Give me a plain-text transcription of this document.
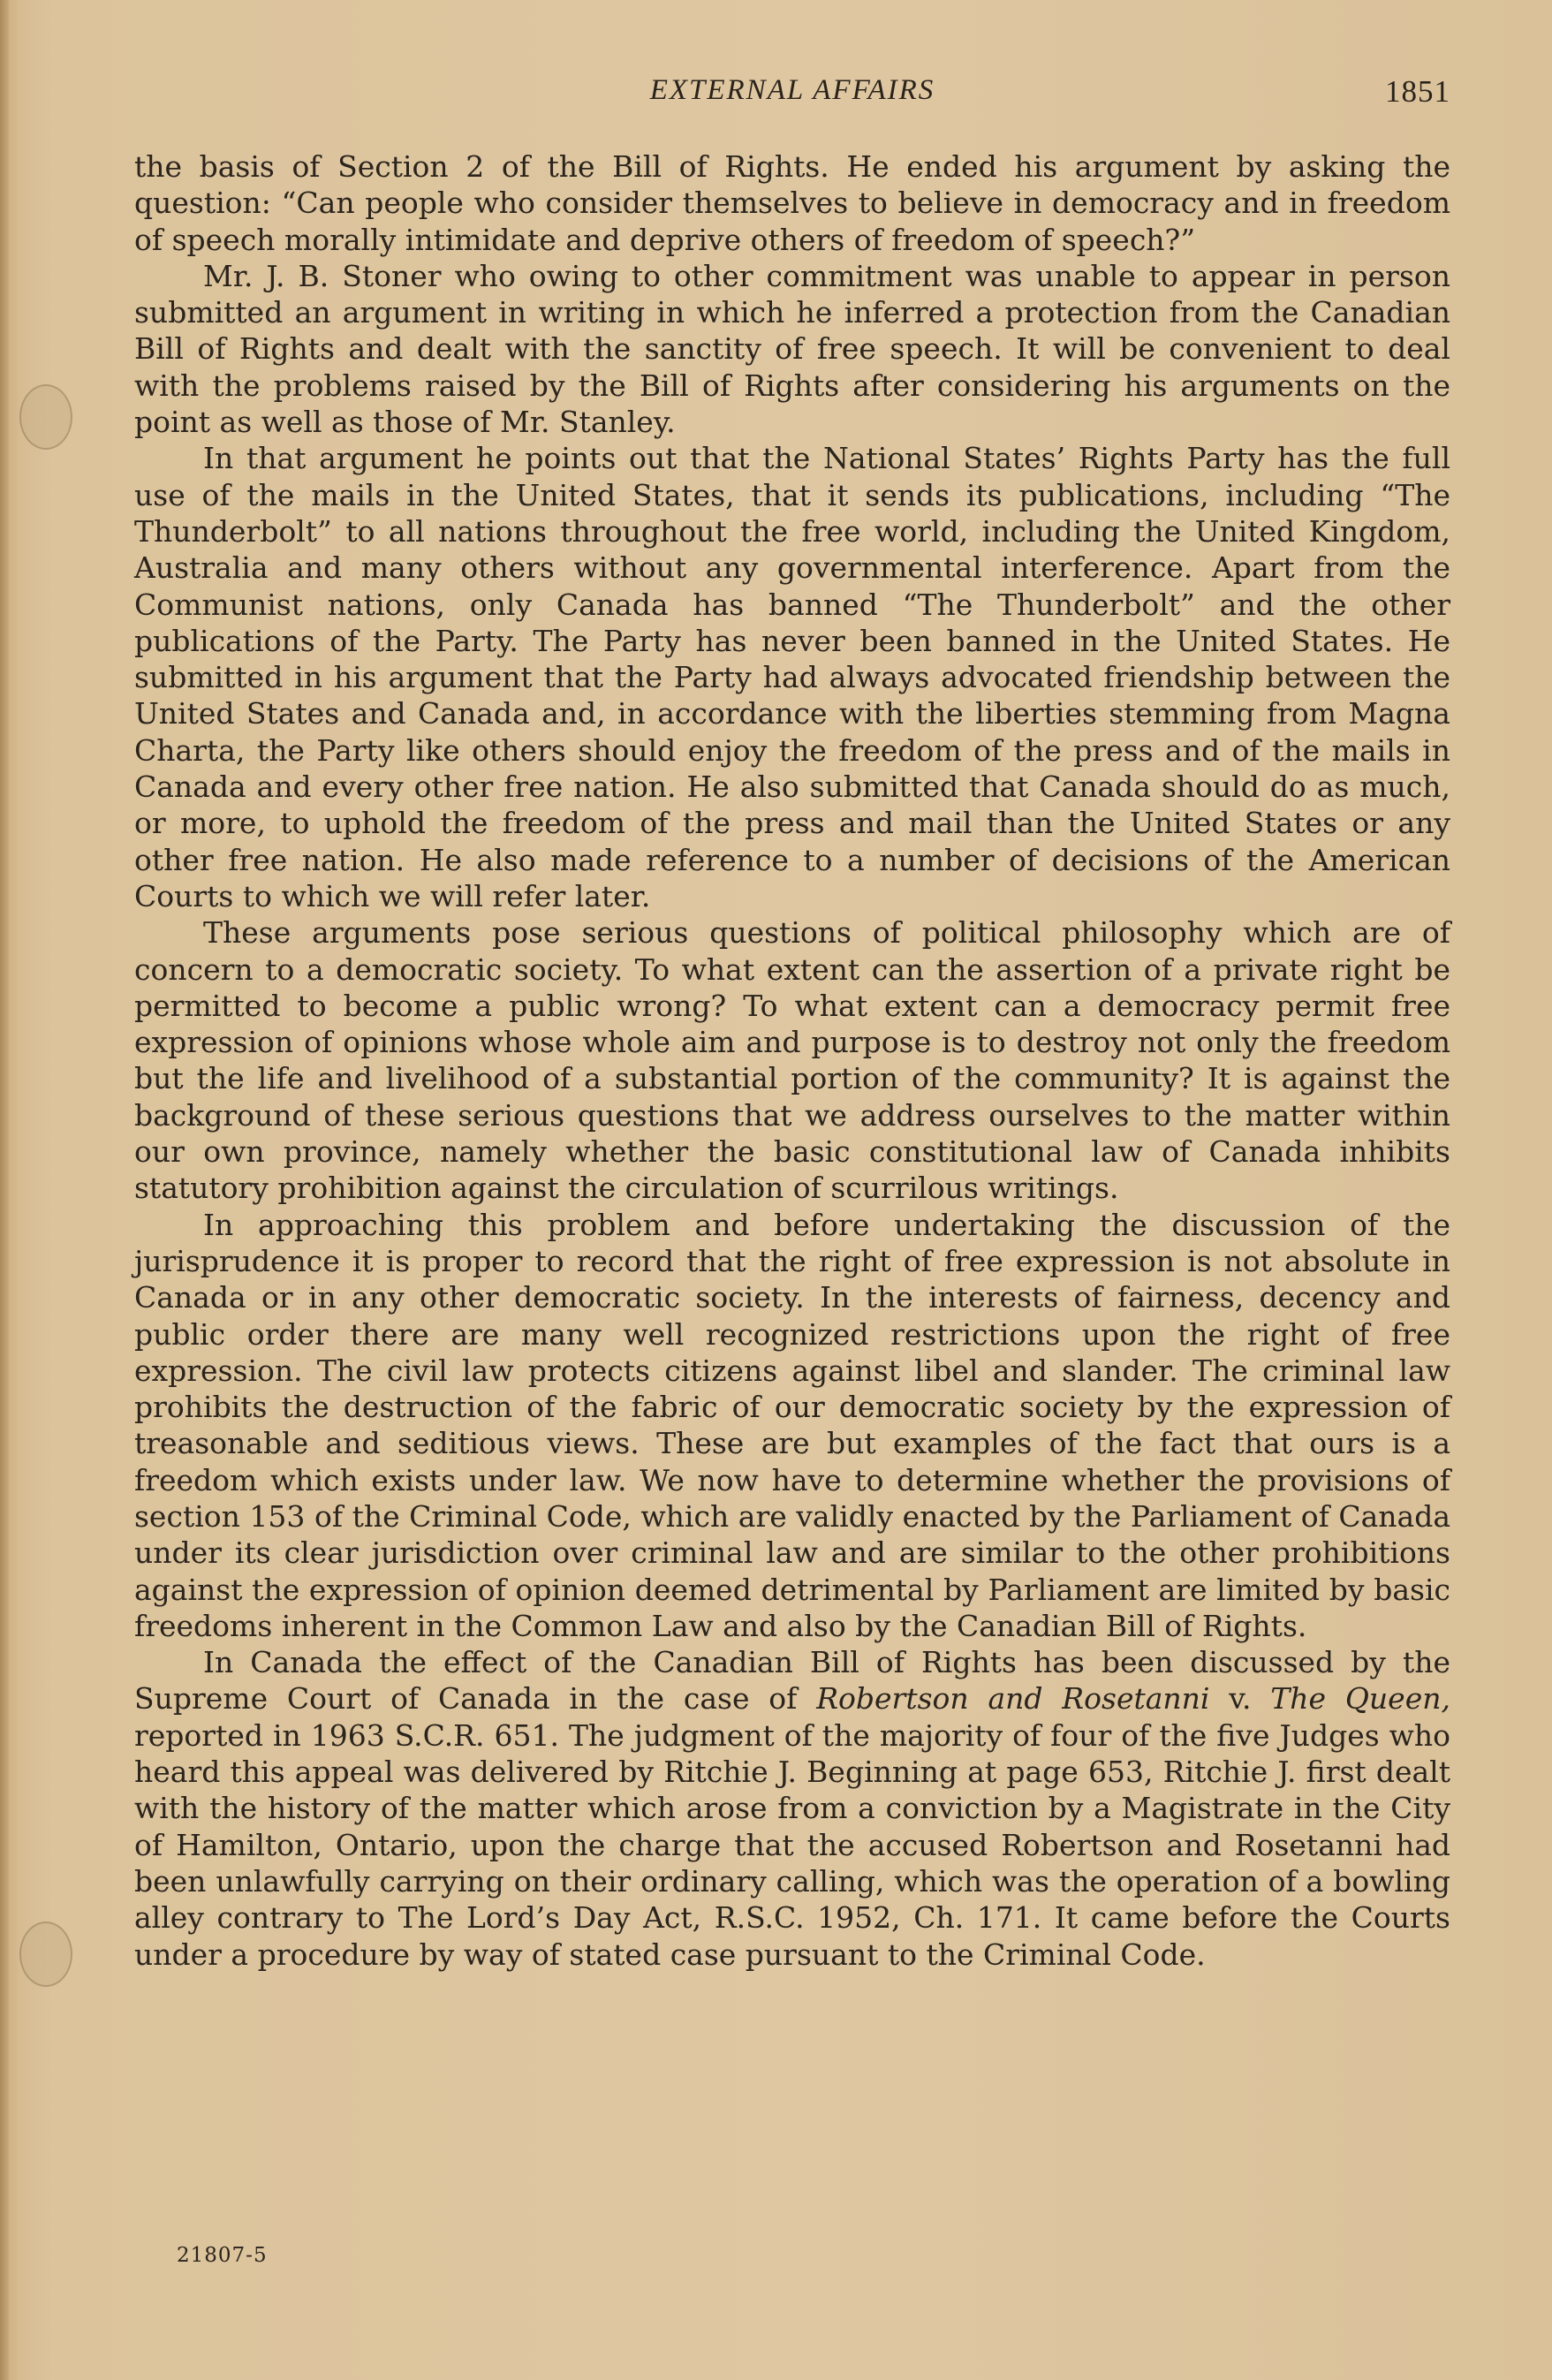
EXTERNAL AFFAIRS	1851

the basis of Section 2 of the Bill of Rights. He ended his argument by asking the question: “Can people who consider themselves to believe in democracy and in freedom of speech morally intimidate and deprive others of freedom of speech?”

Mr. J. B. Stoner who owing to other commitment was unable to appear in person submitted an argument in writing in which he inferred a protection from the Canadian Bill of Rights and dealt with the sanctity of free speech. It will be convenient to deal with the problems raised by the Bill of Rights after considering his arguments on the point as well as those of Mr. Stanley.

In that argument he points out that the National States’ Rights Party has the full use of the mails in the United States, that it sends its publications, including “The Thunderbolt” to all nations throughout the free world, including the United Kingdom, Australia and many others without any governmental interference. Apart from the Communist nations, only Canada has banned “The Thunderbolt” and the other publications of the Party. The Party has never been banned in the United States. He submitted in his argument that the Party had always advocated friendship between the United States and Canada and, in accordance with the liberties stemming from Magna Charta, the Party like others should enjoy the freedom of the press and of the mails in Canada and every other free nation. He also submitted that Canada should do as much, or more, to uphold the freedom of the press and mail than the United States or any other free nation. He also made reference to a number of decisions of the American Courts to which we will refer later.

These arguments pose serious questions of political philosophy which are of concern to a democratic society. To what extent can the assertion of a private right be permitted to become a public wrong? To what extent can a democracy permit free expression of opinions whose whole aim and purpose is to destroy not only the freedom but the life and livelihood of a substantial portion of the community? It is against the background of these serious questions that we address ourselves to the matter within our own province, namely whether the basic constitutional law of Canada inhibits statutory prohibition against the circulation of scurrilous writings.

In approaching this problem and before undertaking the discussion of the jurisprudence it is proper to record that the right of free expression is not absolute in Canada or in any other democratic society. In the interests of fairness, decency and public order there are many well recognized restrictions upon the right of free expression. The civil law protects citizens against libel and slander. The criminal law prohibits the destruction of the fabric of our democratic society by the expression of treasonable and seditious views. These are but examples of the fact that ours is a freedom which exists under law. We now have to determine whether the provisions of section 153 of the Criminal Code, which are validly enacted by the Parliament of Canada under its clear jurisdiction over criminal law and are similar to the other prohibitions against the expression of opinion deemed detrimental by Parliament are limited by basic freedoms inherent in the Common Law and also by the Canadian Bill of Rights.

In Canada the effect of the Canadian Bill of Rights has been discussed by the Supreme Court of Canada in the case of Robertson and Rosetanni v. The Queen, reported in 1963 S.C.R. 651. The judgment of the majority of four of the five Judges who heard this appeal was delivered by Ritchie J. Beginning at page 653, Ritchie J. first dealt with the history of the matter which arose from a conviction by a Magistrate in the City of Hamilton, Ontario, upon the charge that the accused Robertson and Rosetanni had been unlawfully carrying on their ordinary calling, which was the operation of a bowling alley contrary to The Lord’s Day Act, R.S.C. 1952, Ch. 171. It came before the Courts under a procedure by way of stated case pursuant to the Criminal Code.

21807-5
